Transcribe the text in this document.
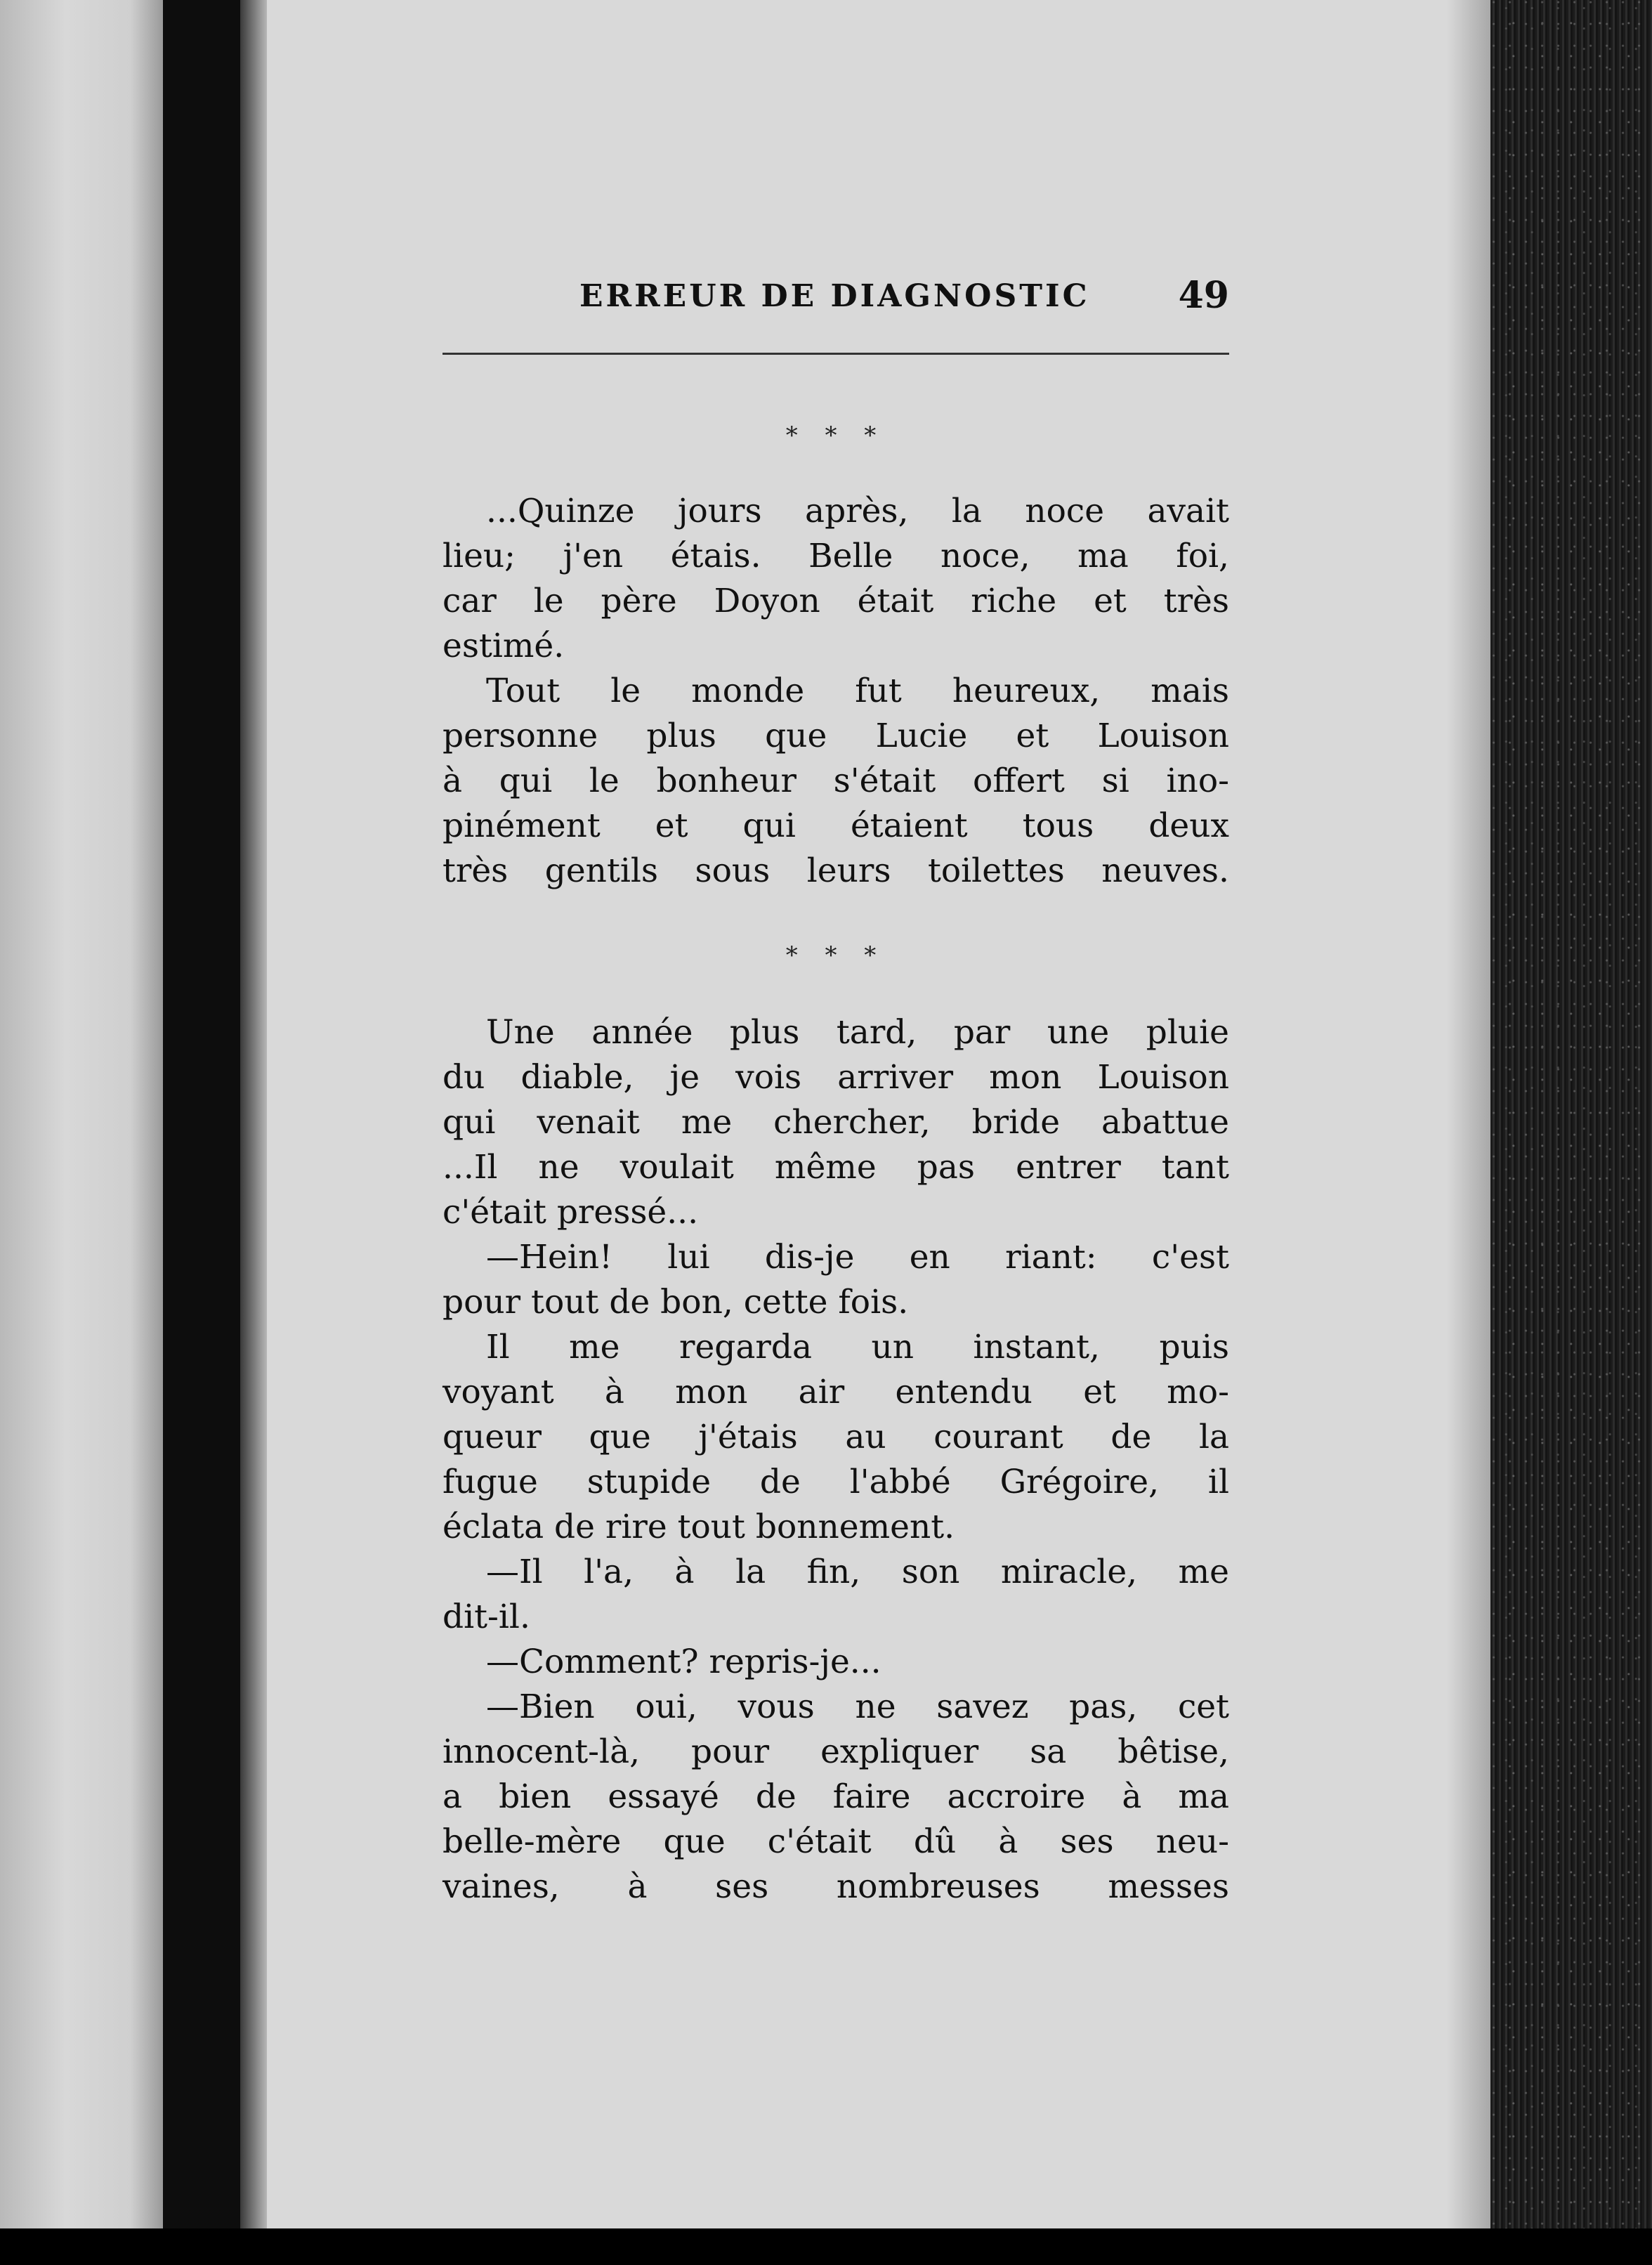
ERREUR DE DIAGNOSTIC 49
* * *
...Quinze jours après, la noce avait
lieu; j'en étais. Belle noce, ma foi,
car le père Doyon était riche et très
estimé.
Tout le monde fut heureux, mais
personne plus que Lucie et Louison
à qui le bonheur s'était offert si ino-
pinément et qui étaient tous deux
très gentils sous leurs toilettes neuves.
* * *
Une année plus tard, par une pluie
du diable, je vois arriver mon Louison
qui venait me chercher, bride abattue
...Il ne voulait même pas entrer tant
c'était pressé...
—Hein! lui dis-je en riant: c'est
pour tout de bon, cette fois.
Il me regarda un instant, puis
voyant à mon air entendu et mo-
queur que j'étais au courant de la
fugue stupide de l'abbé Grégoire, il
éclata de rire tout bonnement.
—Il l'a, à la fin, son miracle, me
dit-il.
—Comment? repris-je...
—Bien oui, vous ne savez pas, cet
innocent-là, pour expliquer sa bêtise,
a bien essayé de faire accroire à ma
belle-mère que c'était dû à ses neu-
vaines, à ses nombreuses messes
